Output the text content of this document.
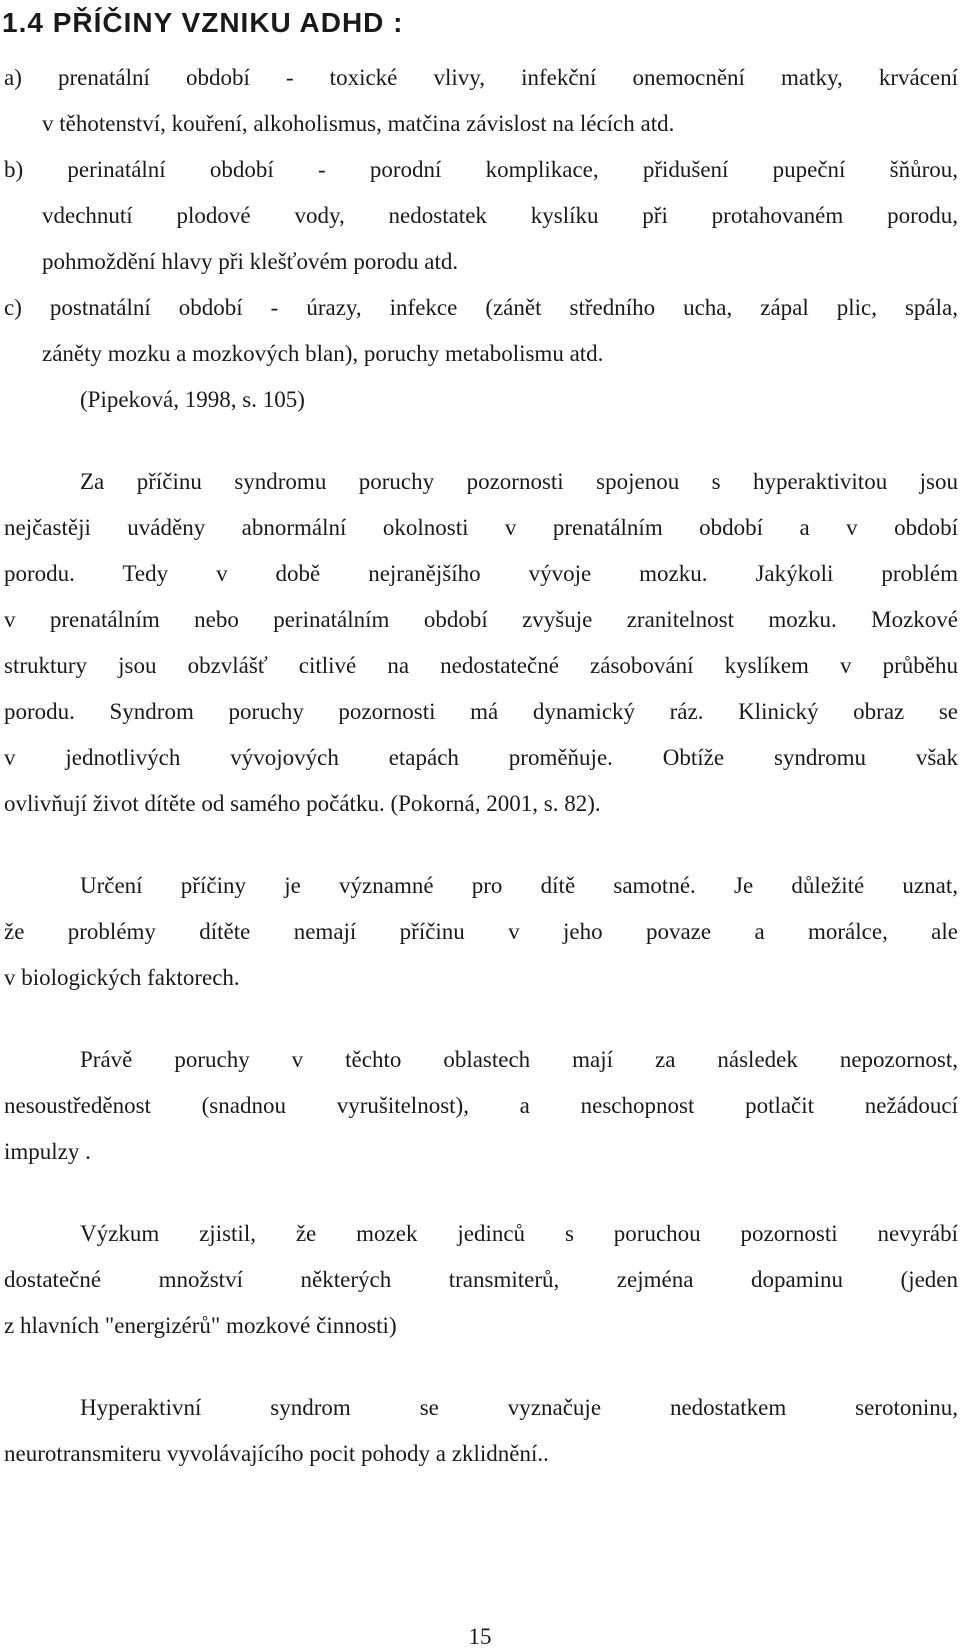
1.4 PŘÍČINY VZNIKU ADHD :
a) prenatální období - toxické vlivy, infekční onemocnění matky, krvácení
v těhotenství, kouření, alkoholismus, matčina závislost na lécích atd.
b) perinatální období - porodní komplikace, přidušení pupeční šňůrou,
vdechnutí plodové vody, nedostatek kyslíku při protahovaném porodu,
pohmoždění hlavy při klešťovém porodu atd.
c) postnatální období - úrazy, infekce (zánět středního ucha, zápal plic, spála,
záněty mozku a mozkových blan), poruchy metabolismu atd.
(Pipeková, 1998, s. 105)
Za příčinu syndromu poruchy pozornosti spojenou s hyperaktivitou jsou
nejčastěji uváděny abnormální okolnosti v prenatálním období a v období
porodu. Tedy v době nejranějšího vývoje mozku. Jakýkoli problém
v prenatálním nebo perinatálním období zvyšuje zranitelnost mozku. Mozkové
struktury jsou obzvlášť citlivé na nedostatečné zásobování kyslíkem v průběhu
porodu. Syndrom poruchy pozornosti má dynamický ráz. Klinický obraz se
v jednotlivých vývojových etapách proměňuje. Obtíže syndromu však
ovlivňují život dítěte od samého počátku. (Pokorná, 2001, s. 82).
Určení příčiny je významné pro dítě samotné. Je důležité uznat,
že problémy dítěte nemají příčinu v jeho povaze a morálce, ale
v biologických faktorech.
Právě poruchy v těchto oblastech mají za následek nepozornost,
nesoustředěnost (snadnou vyrušitelnost), a neschopnost potlačit nežádoucí
impulzy .
Výzkum zjistil, že mozek jedinců s poruchou pozornosti nevyrábí
dostatečné množství některých transmiterů, zejména dopaminu (jeden
z hlavních "energizérů" mozkové činnosti)
Hyperaktivní syndrom se vyznačuje nedostatkem serotoninu,
neurotransmiteru vyvolávajícího pocit pohody a zklidnění..
15
